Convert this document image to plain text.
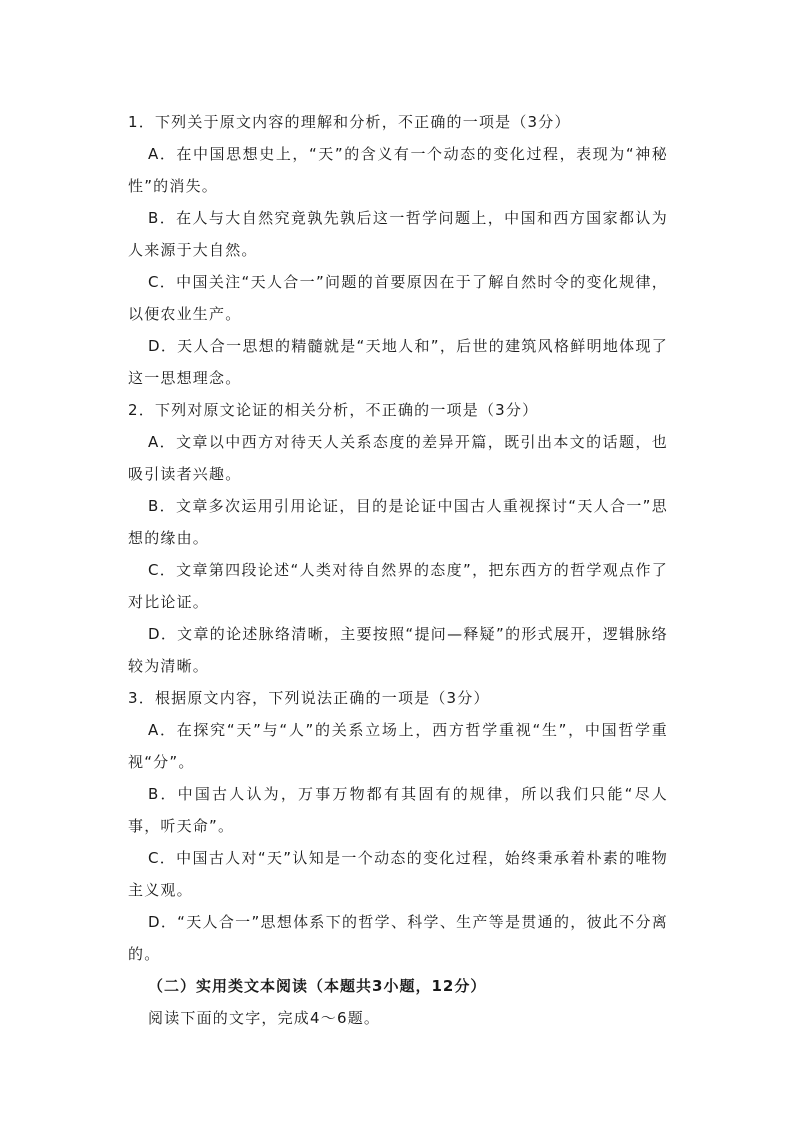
1．下列关于原文内容的理解和分析，不正确的一项是（3分）

A．在中国思想史上，“天”的含义有一个动态的变化过程，表现为“神秘性”的消失。

B．在人与大自然究竟孰先孰后这一哲学问题上，中国和西方国家都认为人来源于大自然。

C．中国关注“天人合一”问题的首要原因在于了解自然时令的变化规律，以便农业生产。

D．天人合一思想的精髓就是“天地人和”，后世的建筑风格鲜明地体现了这一思想理念。

2．下列对原文论证的相关分析，不正确的一项是（3分）

A．文章以中西方对待天人关系态度的差异开篇，既引出本文的话题，也吸引读者兴趣。

B．文章多次运用引用论证，目的是论证中国古人重视探讨“天人合一”思想的缘由。

C．文章第四段论述“人类对待自然界的态度”，把东西方的哲学观点作了对比论证。

D．文章的论述脉络清晰，主要按照“提问—释疑”的形式展开，逻辑脉络较为清晰。

3．根据原文内容，下列说法正确的一项是（3分）

A．在探究“天”与“人”的关系立场上，西方哲学重视“生”，中国哲学重视“分”。

B．中国古人认为，万事万物都有其固有的规律，所以我们只能“尽人事，听天命”。

C．中国古人对“天”认知是一个动态的变化过程，始终秉承着朴素的唯物主义观。

D．“天人合一”思想体系下的哲学、科学、生产等是贯通的，彼此不分离的。

（二）实用类文本阅读（本题共3小题，12分）

阅读下面的文字，完成4～6题。
